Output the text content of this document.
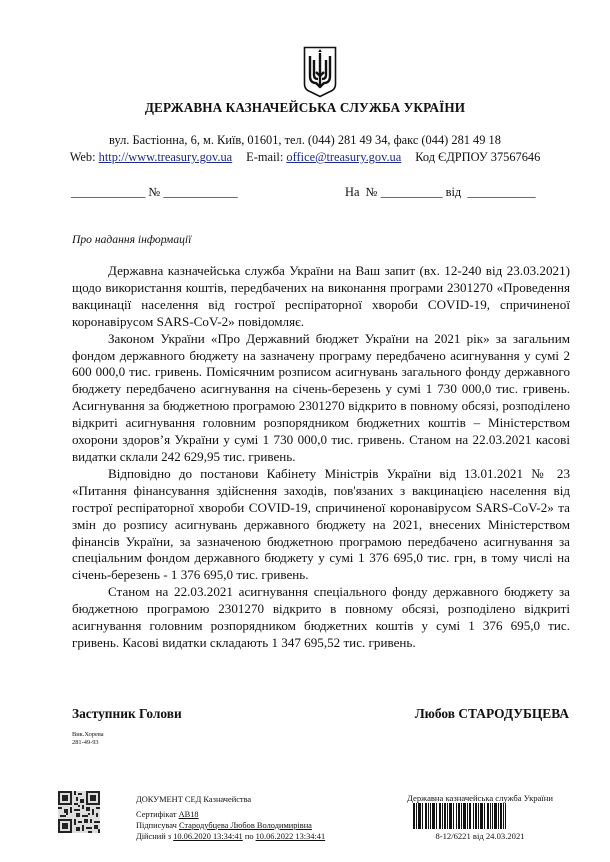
ДЕРЖАВНА КАЗНАЧЕЙСЬКА СЛУЖБА УКРАЇНИ
вул. Бастіонна, 6, м. Київ, 01601, тел. (044) 281 49 34, факс (044) 281 49 18
Web: http://www.treasury.gov.ua E-mail: office@treasury.gov.ua Код ЄДРПОУ 37567646
____________ № ____________	На  № __________ від  ___________
Про надання інформації

Державна казначейська служба України на Ваш запит (вх. 12-240 від 23.03.2021) щодо використання коштів, передбачених на виконання програми 2301270 «Проведення вакцинації населення від гострої респіраторної хвороби COVID-19, спричиненої коронавірусом SARS-CoV-2» повідомляє.

Законом України «Про Державний бюджет України на 2021 рік» за загальним фондом державного бюджету на зазначену програму передбачено асигнування у сумі 2 600 000,0 тис. гривень. Помісячним розписом асигнувань загального фонду державного бюджету передбачено асигнування на січень-березень у сумі 1 730 000,0 тис. гривень. Асигнування за бюджетною програмою 2301270 відкрито в повному обсязі, розподілено відкриті асигнування головним розпорядником бюджетних коштів – Міністерством охорони здоров’я України у сумі 1 730 000,0 тис. гривень. Станом на 22.03.2021 касові видатки склали 242 629,95 тис. гривень.

Відповідно до постанови Кабінету Міністрів України від 13.01.2021 № 23 «Питання фінансування здійснення заходів, пов'язаних з вакцинацією населення від гострої респіраторної хвороби COVID-19, спричиненої коронавірусом SARS-CoV-2» та змін до розпису асигнувань державного бюджету на 2021, внесених Міністерством фінансів України, за зазначеною бюджетною програмою передбачено асигнування за спеціальним фондом державного бюджету у сумі 1 376 695,0 тис. грн, в тому числі на січень-березень - 1 376 695,0 тис. гривень.

Станом на 22.03.2021 асигнування спеціального фонду державного бюджету за бюджетною програмою 2301270 відкрито в повному обсязі, розподілено відкриті асигнування головним розпорядником бюджетних коштів у сумі 1 376 695,0 тис. гривень. Касові видатки складають 1 347 695,52 тис. гривень.

Заступник Голови	Любов СТАРОДУБЦЕВА
Вик.Хорева
281-49-93
ДОКУМЕНТ СЕД Казначейства
Сертифікат AB18
Підписувач Стародубцева Любов Володимирівна
Дійсний з 10.06.2020 13:34:41 по 10.06.2022 13:34:41
Державна казначейська служба України
8-12/6221 від 24.03.2021
